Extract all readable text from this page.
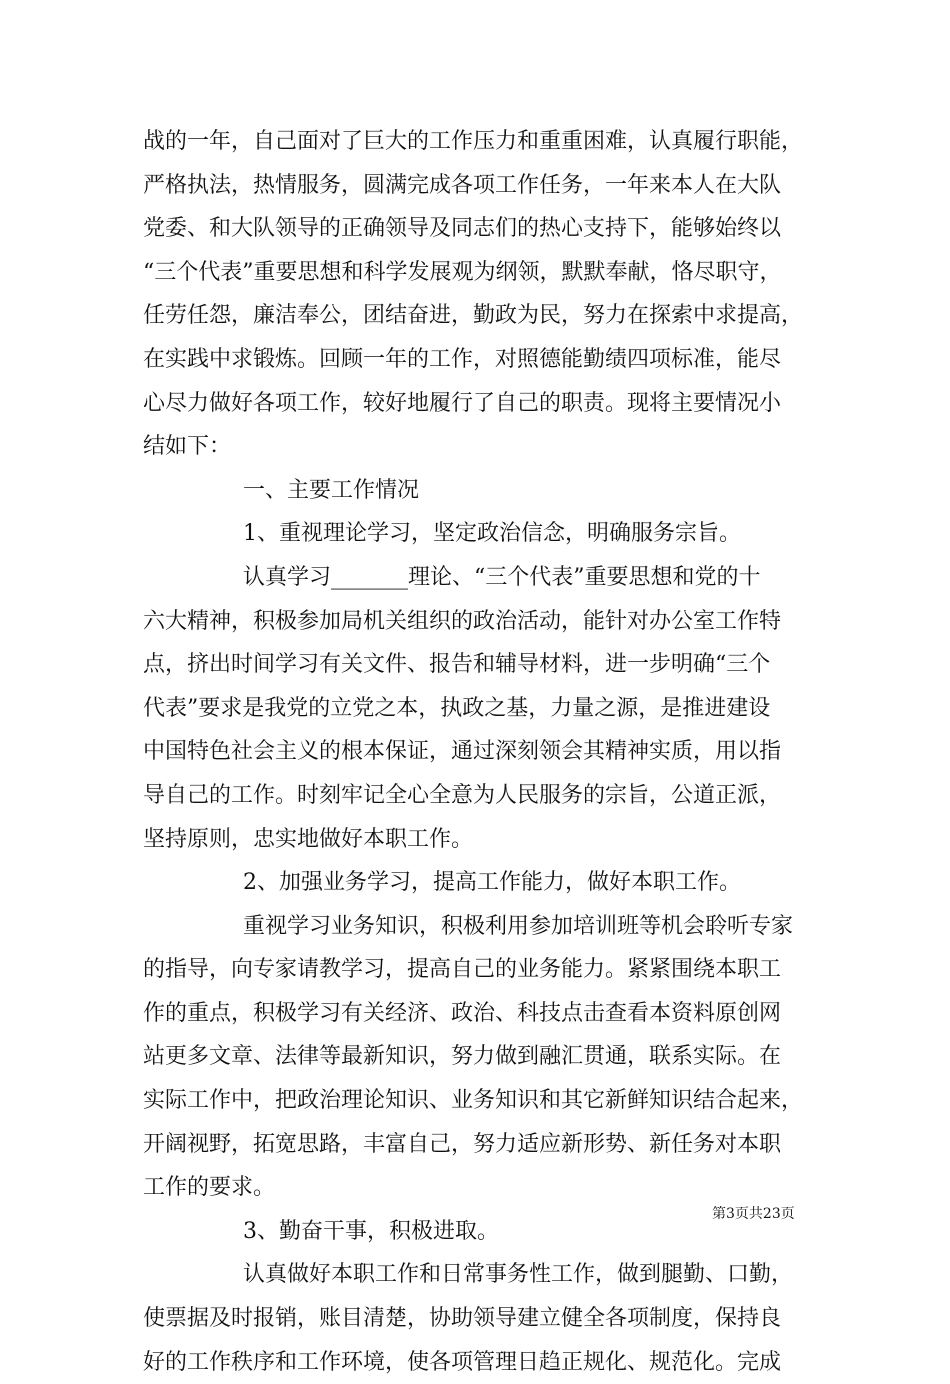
战的一年，自己面对了巨大的工作压力和重重困难，认真履行职能，
严格执法，热情服务，圆满完成各项工作任务，一年来本人在大队
党委、和大队领导的正确领导及同志们的热心支持下，能够始终以
“三个代表”重要思想和科学发展观为纲领，默默奉献，恪尽职守，
任劳任怨，廉洁奉公，团结奋进，勤政为民，努力在探索中求提高，
在实践中求锻炼。回顾一年的工作，对照德能勤绩四项标准，能尽
心尽力做好各项工作，较好地履行了自己的职责。现将主要情况小
结如下：
一、主要工作情况
1、重视理论学习，坚定政治信念，明确服务宗旨。
认真学习_______理论、“三个代表”重要思想和党的十
六大精神，积极参加局机关组织的政治活动，能针对办公室工作特
点，挤出时间学习有关文件、报告和辅导材料，进一步明确“三个
代表”要求是我党的立党之本，执政之基，力量之源，是推进建设
中国特色社会主义的根本保证，通过深刻领会其精神实质，用以指
导自己的工作。时刻牢记全心全意为人民服务的宗旨，公道正派，
坚持原则，忠实地做好本职工作。
2、加强业务学习，提高工作能力，做好本职工作。
重视学习业务知识，积极利用参加培训班等机会聆听专家
的指导，向专家请教学习，提高自己的业务能力。紧紧围绕本职工
作的重点，积极学习有关经济、政治、科技点击查看本资料原创网
站更多文章、法律等最新知识，努力做到融汇贯通，联系实际。在
实际工作中，把政治理论知识、业务知识和其它新鲜知识结合起来，
开阔视野，拓宽思路，丰富自己，努力适应新形势、新任务对本职
工作的要求。
3、勤奋干事，积极进取。
认真做好本职工作和日常事务性工作，做到腿勤、口勤，
使票据及时报销，账目清楚，协助领导建立健全各项制度，保持良
好的工作秩序和工作环境，使各项管理日趋正规化、规范化。完成
第3页共23页
